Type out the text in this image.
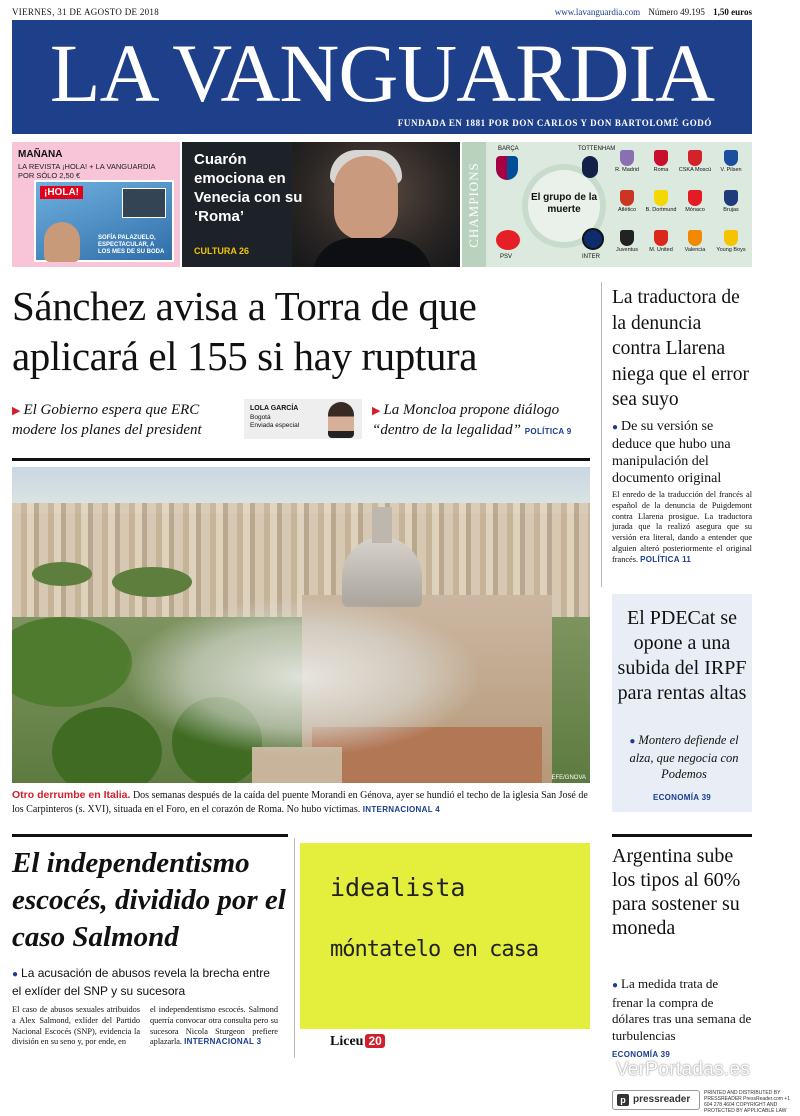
VIERNES, 31 DE AGOSTO DE 2018	www.lavanguardia.com Número 49.195 1,50 euros
LA VANGUARDIA
FUNDADA EN 1881 POR DON CARLOS Y DON BARTOLOMÉ GODÓ
MAÑANA
LA REVISTA ¡HOLA! + LA VANGUARDIA
POR SÓLO 2,50 €
¡HOLA!
SOFÍA PALAZUELO, ESPECTACULAR, A LOS MES DE SU BODA
Cuarón emociona en Venecia con su ‘Roma’
CULTURA 26
CHAMPIONS	El grupo de la muerte
BARÇA	TOTTENHAM
PSV	INTER
R. Madrid	Roma	CSKA Moscú	V. Pilsen
Atlético	B. Dortmund	Mónaco	Brujas
Juventus	M. United	Valencia	Young Boys
Sánchez avisa a Torra de que
aplicará el 155 si hay ruptura
▶ El Gobierno espera que ERC modere los planes del president
LOLA GARCÍA
Bogotá
Enviada especial
▶ La Moncloa propone diálogo “dentro de la legalidad” POLÍTICA 9
EFE/GNOVA
Otro derrumbe en Italia. Dos semanas después de la caída del puente Morandi en Génova, ayer se hundió el techo de la iglesia San José de los Carpinteros (s. XVI), situada en el Foro, en el corazón de Roma. No hubo víctimas. INTERNACIONAL 4
El independentismo escocés, dividido por el caso Salmond
● La acusación de abusos revela la brecha entre el exlíder del SNP y su sucesora
El caso de abusos sexuales atribuidos a Alex Salmond, exlíder del Partido Nacional Escocés (SNP), evidencia la división en su seno y, por ende, en
el independentismo escocés. Salmond querría convocar otra consulta pero su sucesora Nicola Sturgeon prefiere aplazarla. INTERNACIONAL 3
idealista
móntatelo en casa
Liceu 20
La traductora de la denuncia contra Llarena niega que el error sea suyo
● De su versión se deduce que hubo una manipulación del documento original
El enredo de la traducción del francés al español de la denuncia de Puigdemont contra Llarena prosigue. La traductora jurada que la realizó asegura que su versión era literal, dando a entender que alguien alteró posteriormente el original francés. POLÍTICA 11
El PDECat se opone a una subida del IRPF para rentas altas
● Montero defiende el alza, que negocia con Podemos
ECONOMÍA 39
Argentina sube los tipos al 60% para sostener su moneda
● La medida trata de frenar la compra de dólares tras una semana de turbulencias
ECONOMÍA 39
VerPortadas.es
p pressreader
PRINTED AND DISTRIBUTED BY PRESSREADER PressReader.com +1 604 278 4604 COPYRIGHT AND PROTECTED BY APPLICABLE LAW
